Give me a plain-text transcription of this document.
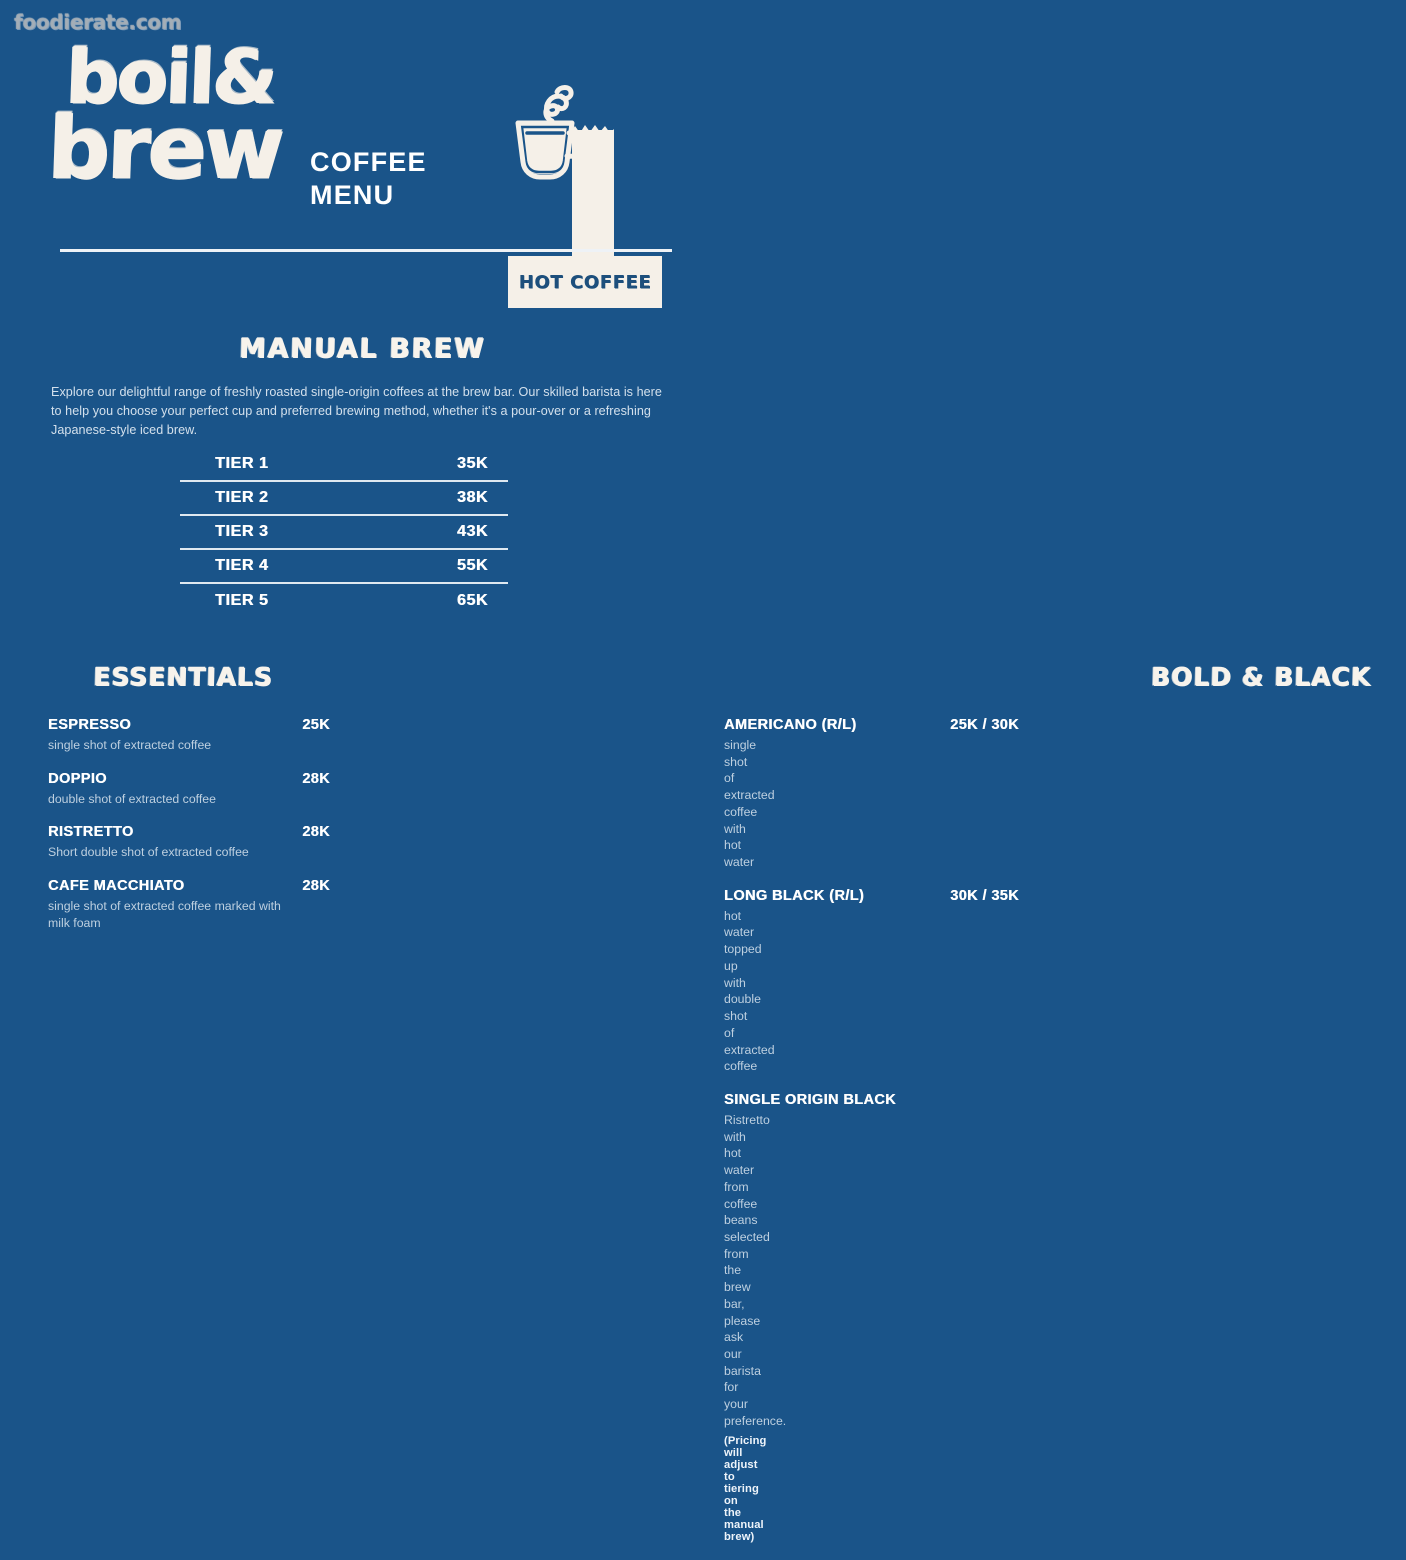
foodierate.com
boil&
brew COFFEE
MENU
HOT COFFEE
MANUAL BREW
Explore our delightful range of freshly roasted single-origin coffees at the brew bar. Our skilled barista is here to help you choose your perfect cup and preferred brewing method, whether it's a pour-over or a refreshing Japanese-style iced brew.
TIER 1	35K
TIER 2	38K
TIER 3	43K
TIER 4	55K
TIER 5	65K
ESSENTIALS
ESPRESSO	25K
single shot of extracted coffee
DOPPIO	28K
double shot of extracted coffee
RISTRETTO	28K
Short double shot of extracted coffee
CAFE MACCHIATO	28K
single shot of extracted coffee marked with milk foam
BOLD & BLACK
AMERICANO (R/L)	25K / 30K
single shot of extracted coffee with hot water
LONG BLACK (R/L)	30K / 35K
hot water topped up with double shot of extracted coffee
SINGLE ORIGIN BLACK
Ristretto with hot water from coffee beans selected from the brew bar, please ask our barista for your preference.
(Pricing will adjust to tiering on the manual brew)
